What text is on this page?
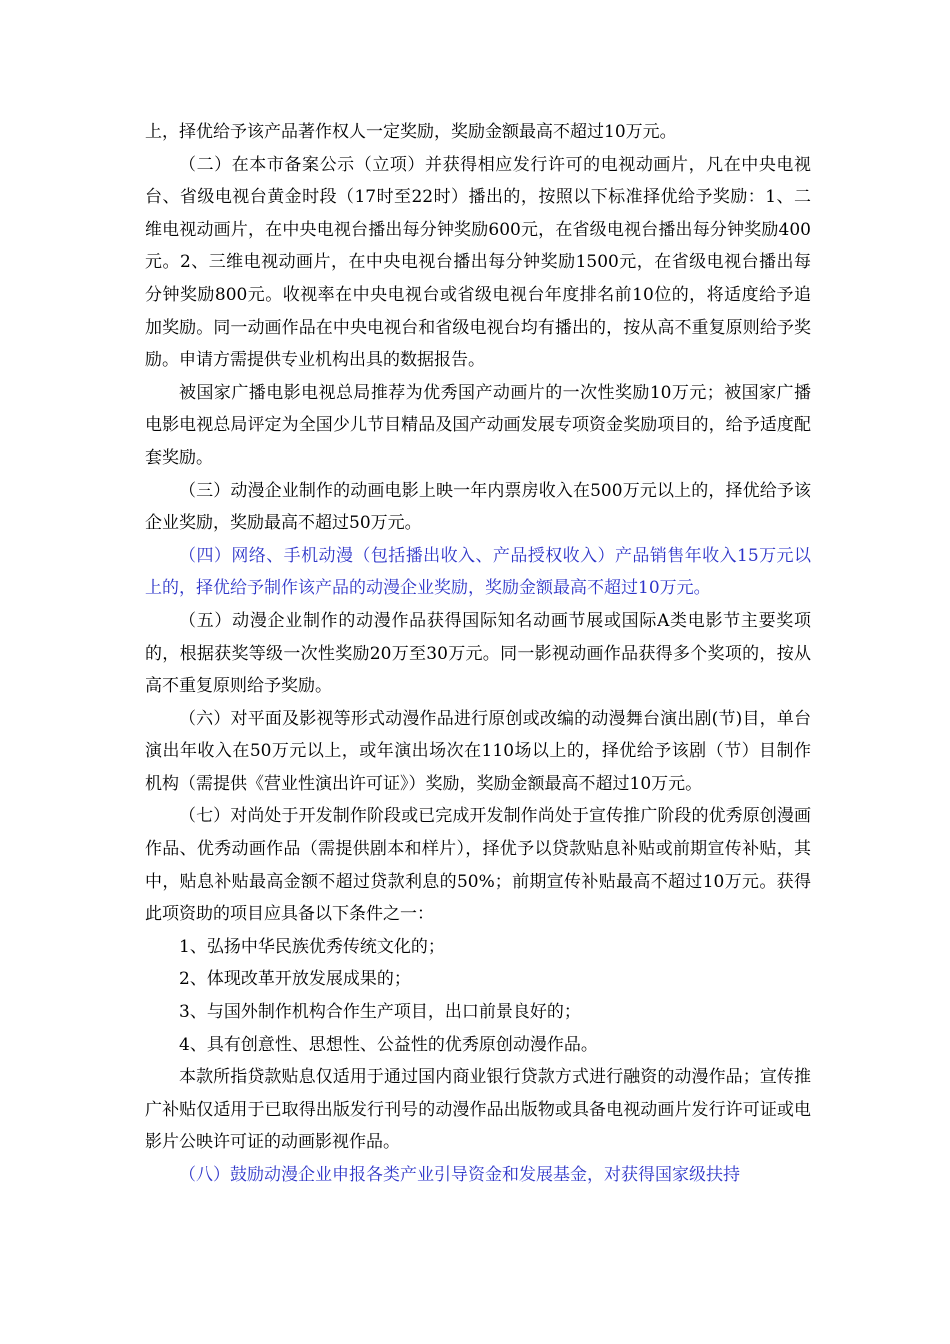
上，择优给予该产品著作权人一定奖励，奖励金额最高不超过10万元。

（二）在本市备案公示（立项）并获得相应发行许可的电视动画片，凡在中央电视台、省级电视台黄金时段（17时至22时）播出的，按照以下标准择优给予奖励：1、二维电视动画片，在中央电视台播出每分钟奖励600元，在省级电视台播出每分钟奖励400元。2、三维电视动画片，在中央电视台播出每分钟奖励1500元，在省级电视台播出每分钟奖励800元。收视率在中央电视台或省级电视台年度排名前10位的，将适度给予追加奖励。同一动画作品在中央电视台和省级电视台均有播出的，按从高不重复原则给予奖励。申请方需提供专业机构出具的数据报告。

被国家广播电影电视总局推荐为优秀国产动画片的一次性奖励10万元；被国家广播电影电视总局评定为全国少儿节目精品及国产动画发展专项资金奖励项目的，给予适度配套奖励。

（三）动漫企业制作的动画电影上映一年内票房收入在500万元以上的，择优给予该企业奖励，奖励最高不超过50万元。

（四）网络、手机动漫（包括播出收入、产品授权收入）产品销售年收入15万元以上的，择优给予制作该产品的动漫企业奖励，奖励金额最高不超过10万元。

（五）动漫企业制作的动漫作品获得国际知名动画节展或国际A类电影节主要奖项的，根据获奖等级一次性奖励20万至30万元。同一影视动画作品获得多个奖项的，按从高不重复原则给予奖励。

（六）对平面及影视等形式动漫作品进行原创或改编的动漫舞台演出剧(节)目，单台演出年收入在50万元以上，或年演出场次在110场以上的，择优给予该剧（节）目制作机构（需提供《营业性演出许可证》）奖励，奖励金额最高不超过10万元。

（七）对尚处于开发制作阶段或已完成开发制作尚处于宣传推广阶段的优秀原创漫画作品、优秀动画作品（需提供剧本和样片），择优予以贷款贴息补贴或前期宣传补贴，其中，贴息补贴最高金额不超过贷款利息的50%；前期宣传补贴最高不超过10万元。获得此项资助的项目应具备以下条件之一：

1、弘扬中华民族优秀传统文化的；

2、体现改革开放发展成果的；

3、与国外制作机构合作生产项目，出口前景良好的；

4、具有创意性、思想性、公益性的优秀原创动漫作品。

本款所指贷款贴息仅适用于通过国内商业银行贷款方式进行融资的动漫作品；宣传推广补贴仅适用于已取得出版发行刊号的动漫作品出版物或具备电视动画片发行许可证或电影片公映许可证的动画影视作品。

（八）鼓励动漫企业申报各类产业引导资金和发展基金，对获得国家级扶持
